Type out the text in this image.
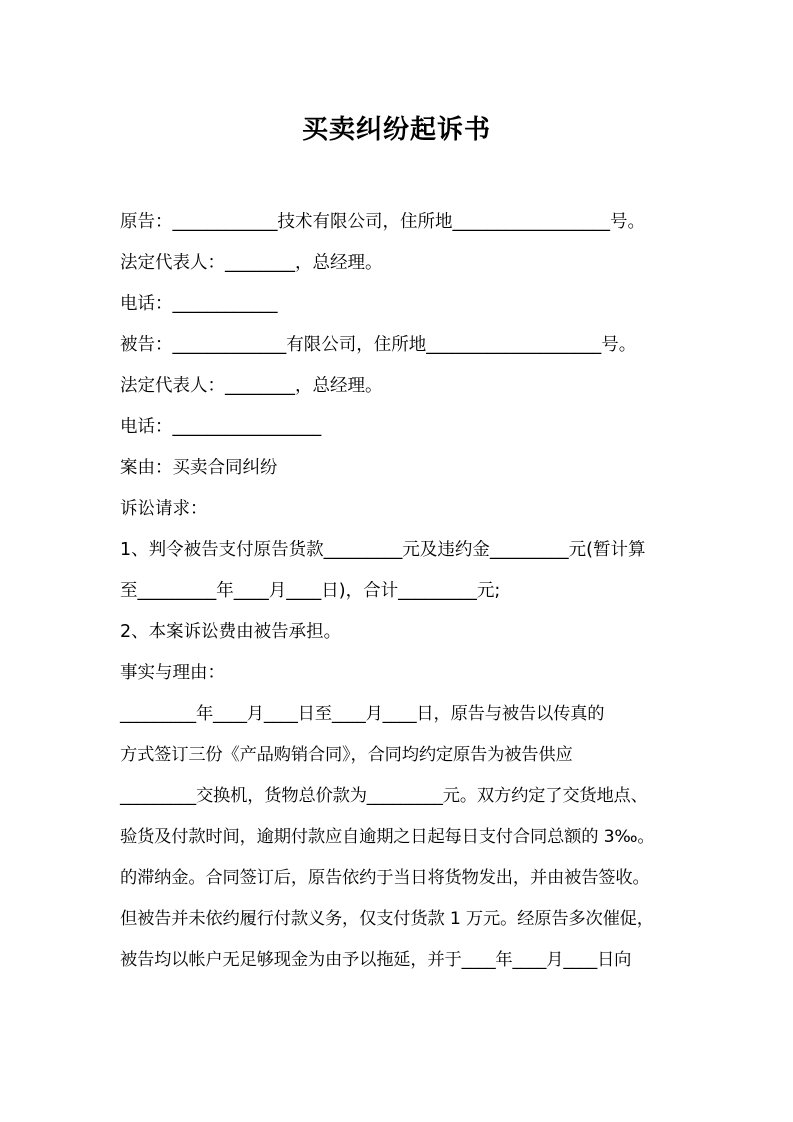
买卖纠纷起诉书
原告：____________技术有限公司，住所地__________________号。
法定代表人：________，总经理。
电话：____________
被告：_____________有限公司，住所地____________________号。
法定代表人：________，总经理。
电话：_________________
案由：买卖合同纠纷
诉讼请求：
1、判令被告支付原告货款_________元及违约金_________元(暂计算
至_________年____月____日)，合计_________元;
2、本案诉讼费由被告承担。
事实与理由：
_________年____月____日至____月____日，原告与被告以传真的
方式签订三份《产品购销合同》，合同均约定原告为被告供应
_________交换机，货物总价款为_________元。双方约定了交货地点、
验货及付款时间，逾期付款应自逾期之日起每日支付合同总额的 3‰。
的滞纳金。合同签订后，原告依约于当日将货物发出，并由被告签收。
但被告并未依约履行付款义务，仅支付货款 1 万元。经原告多次催促，
被告均以帐户无足够现金为由予以拖延，并于____年____月____日向
